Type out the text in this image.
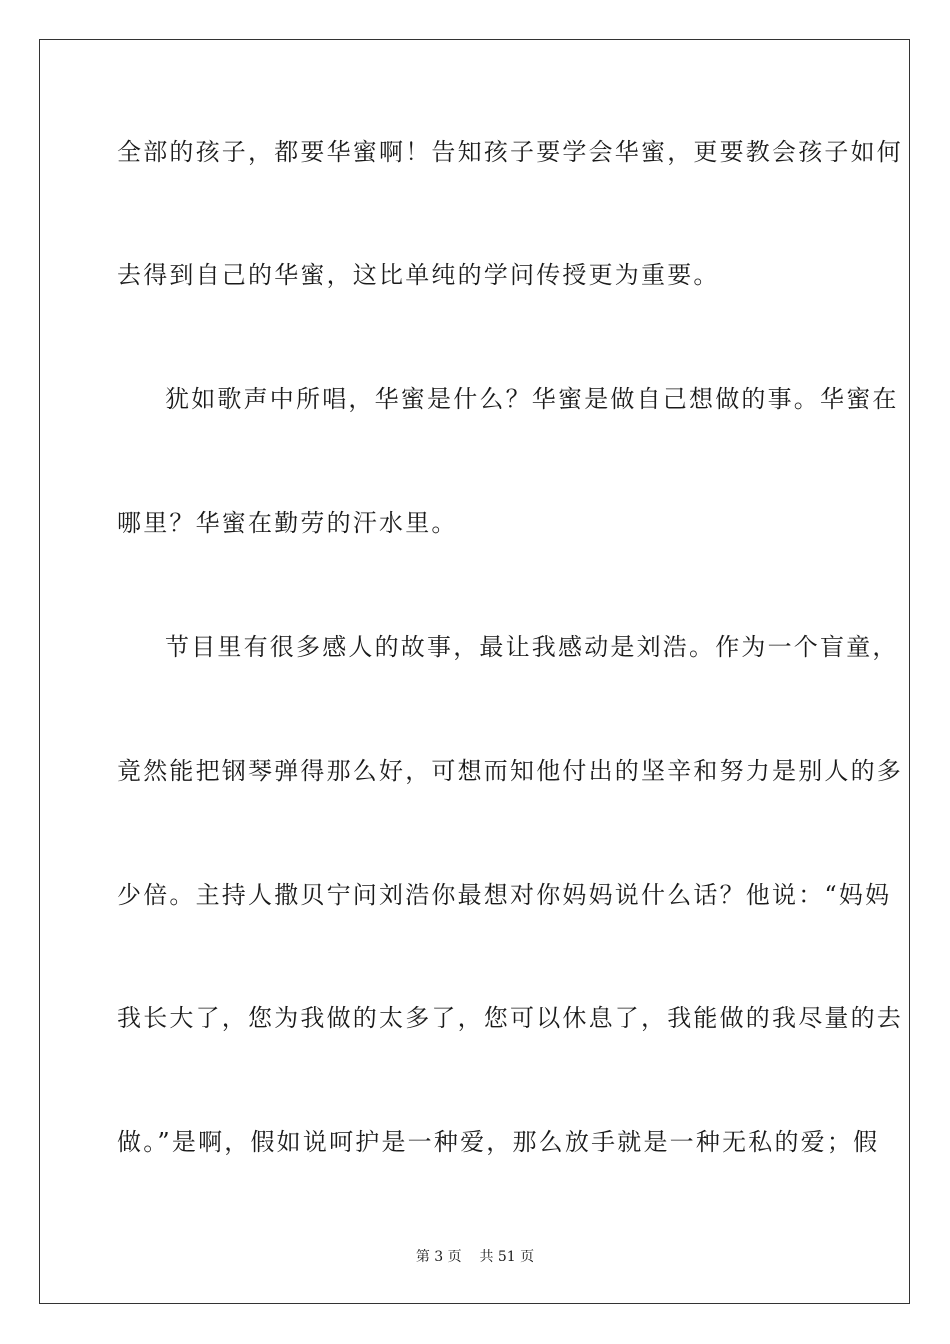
全部的孩子，都要华蜜啊！告知孩子要学会华蜜，更要教会孩子如何
去得到自己的华蜜，这比单纯的学问传授更为重要。
犹如歌声中所唱，华蜜是什么？华蜜是做自己想做的事。华蜜在
哪里？华蜜在勤劳的汗水里。
节目里有很多感人的故事，最让我感动是刘浩。作为一个盲童，
竟然能把钢琴弹得那么好，可想而知他付出的坚辛和努力是别人的多
少倍。主持人撒贝宁问刘浩你最想对你妈妈说什么话？他说：“妈妈
我长大了，您为我做的太多了，您可以休息了，我能做的我尽量的去
做。”是啊，假如说呵护是一种爱，那么放手就是一种无私的爱；假
第 3 页 共 51 页
